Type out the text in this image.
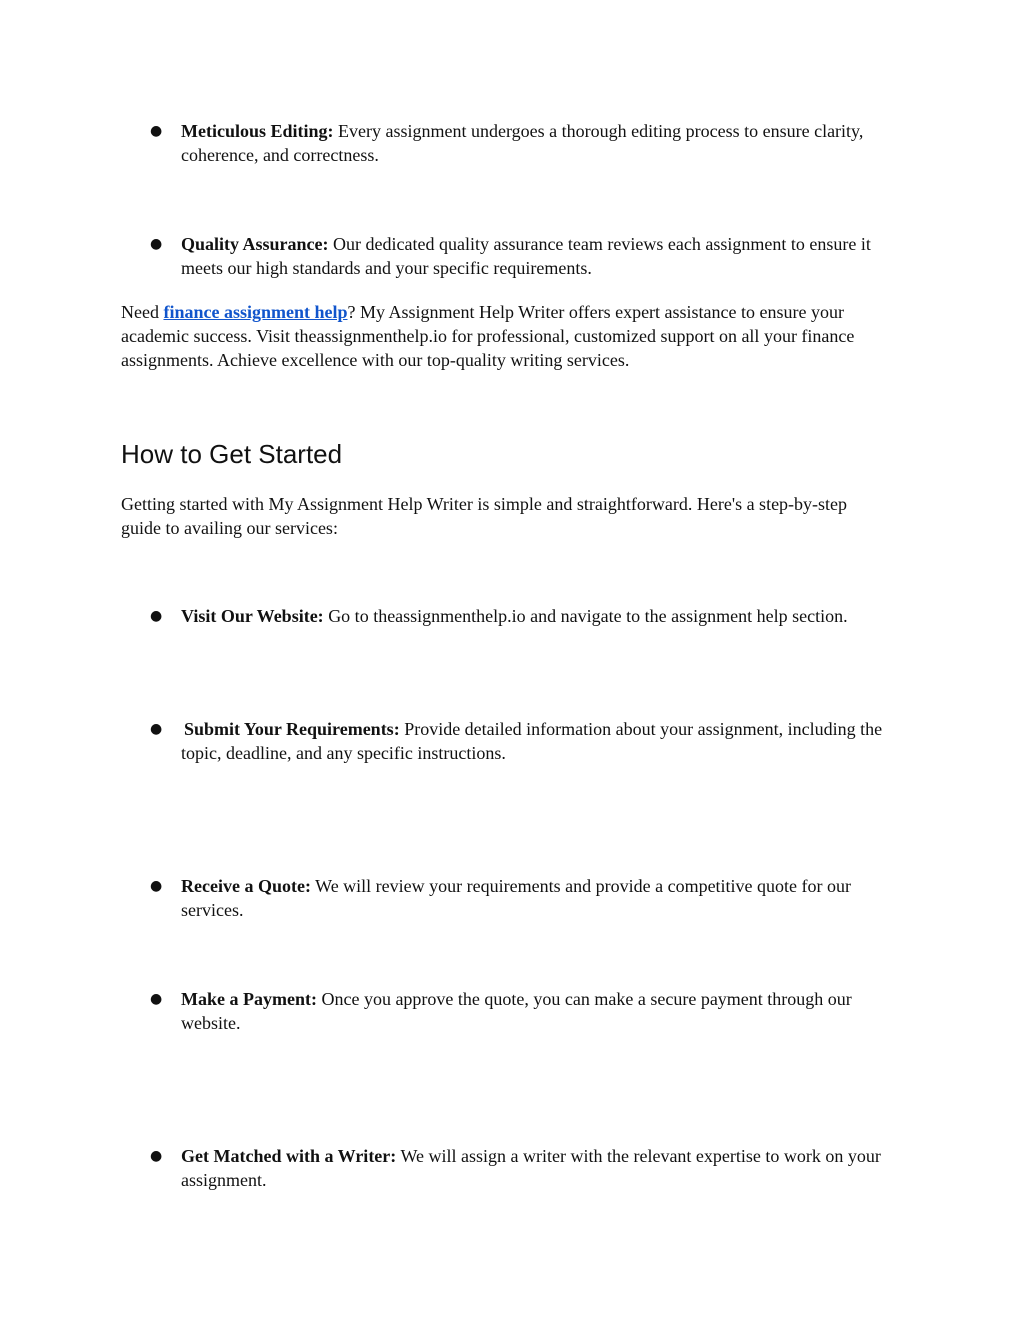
● Meticulous Editing: Every assignment undergoes a thorough editing process to ensure clarity, coherence, and correctness.

● Quality Assurance: Our dedicated quality assurance team reviews each assignment to ensure it meets our high standards and your specific requirements.

Need finance assignment help? My Assignment Help Writer offers expert assistance to ensure your academic success. Visit theassignmenthelp.io for professional, customized support on all your finance assignments. Achieve excellence with our top-quality writing services.

How to Get Started

Getting started with My Assignment Help Writer is simple and straightforward. Here's a step-by-step guide to availing our services:

● Visit Our Website: Go to theassignmenthelp.io and navigate to the assignment help section.

● Submit Your Requirements: Provide detailed information about your assignment, including the topic, deadline, and any specific instructions.

● Receive a Quote: We will review your requirements and provide a competitive quote for our services.

● Make a Payment: Once you approve the quote, you can make a secure payment through our website.

● Get Matched with a Writer: We will assign a writer with the relevant expertise to work on your assignment.
